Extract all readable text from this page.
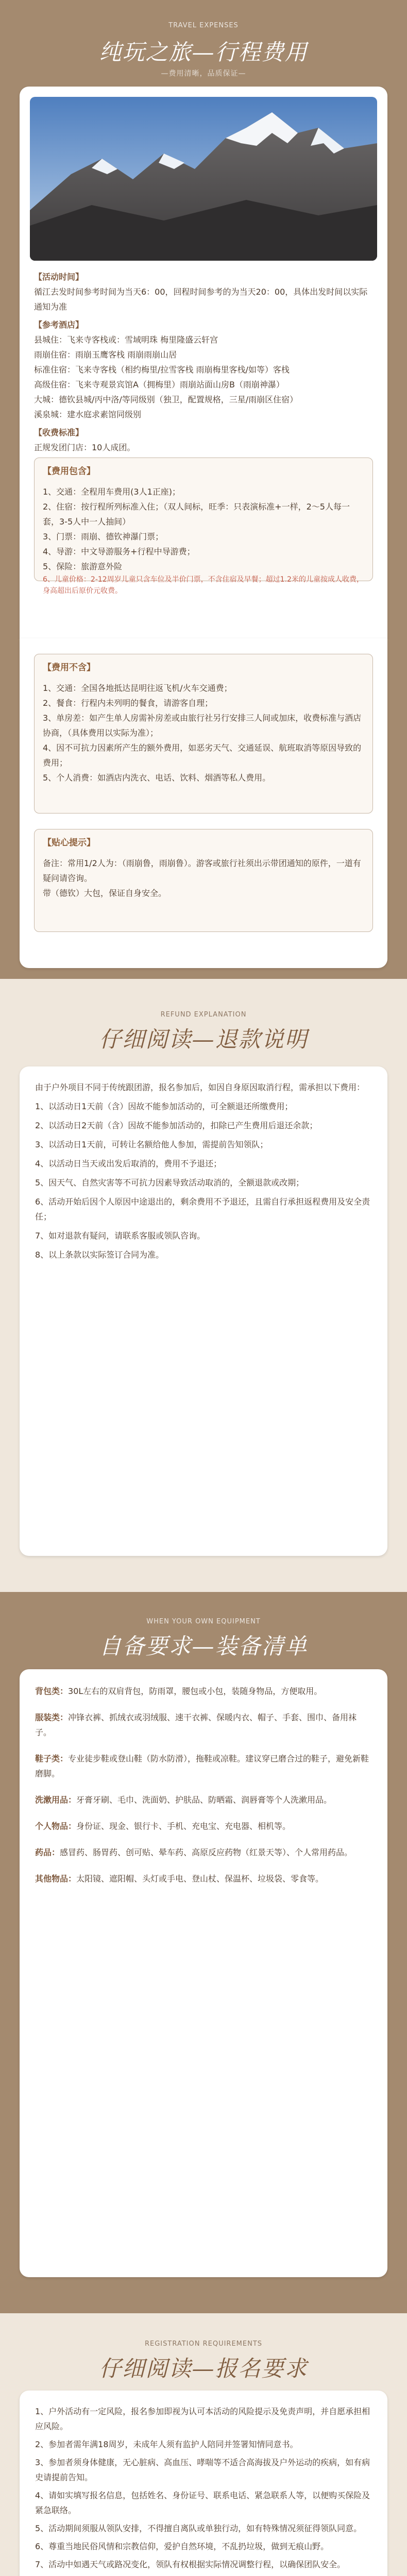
TRAVEL EXPENSES
纯玩之旅—行程费用
—费用清晰，品质保证—
【活动时间】
循江去发时间参考时间为当天6：00，回程时间参考的为当天20：00，具体出发时间以实际通知为准
【参考酒店】
县城住：飞来寺客栈或：雪域明珠 梅里隆盛云轩宫
雨崩住宿：雨崩玉鹰客栈 雨崩雨崩山居
标准住宿：飞来寺客栈（相约梅里/拉雪客栈 雨崩梅里客栈/如等）客栈
高级住宿：飞来寺观景宾馆A（拥梅里）雨崩站面山房B（雨崩神瀑）
大城：德钦县城/丙中洛/等同级别（独卫，配置规格，三星/雨崩区住宿）
溪泉城：建水庭求素馆同级别
【收费标准】
正规发团门店：10人成团。
【费用包含】
1、交通：全程用车费用(3人1正座)；
2、住宿：按行程所列标准入住；（双人间标，旺季：只表演标准+一样，2～5人每一套，3-5人中一人抽间）
3、门票：雨崩、德钦神瀑门票；
4、导游：中文导游服务+行程中导游费；
5、保险：旅游意外险
6、儿童价格：2-12周岁儿童只含车位及半价门票，不含住宿及早餐；超过1.2米的儿童按成人收费，身高超出后原价元收费。
【费用不含】
1、交通：全国各地抵达昆明往返飞机/火车交通费；
2、餐食：行程内未列明的餐食，请游客自理；
3、单房差：如产生单人房需补房差或由旅行社另行安排三人间或加床，收费标准与酒店协商，（具体费用以实际为准）；
4、因不可抗力因素所产生的额外费用，如恶劣天气、交通延误、航班取消等原因导致的费用；
5、个人消费：如酒店内洗衣、电话、饮料、烟酒等私人费用。
【贴心提示】
备注：常用1/2人为：（雨崩鲁，雨崩鲁）。游客或旅行社须出示带团通知的原件，一道有疑问请咨询。
带（德钦）大包，保证自身安全。
REFUND EXPLANATION
仔细阅读—退款说明
由于户外项目不同于传统跟团游，报名参加后，如因自身原因取消行程，需承担以下费用：
1、以活动日1天前（含）因故不能参加活动的，可全额退还所缴费用；
2、以活动日2天前（含）因故不能参加活动的，扣除已产生费用后退还余款；
3、以活动日1天前，可转让名额给他人参加，需提前告知领队；
4、以活动日当天或出发后取消的，费用不予退还；
5、因天气、自然灾害等不可抗力因素导致活动取消的，全额退款或改期；
6、活动开始后因个人原因中途退出的，剩余费用不予退还，且需自行承担返程费用及安全责任；
7、如对退款有疑问，请联系客服或领队咨询。
8、以上条款以实际签订合同为准。
WHEN YOUR OWN EQUIPMENT
自备要求—装备清单
背包类：30L左右的双肩背包，防雨罩，腰包或小包，装随身物品，方便取用。
服装类：冲锋衣裤、抓绒衣或羽绒服、速干衣裤、保暖内衣、帽子、手套、围巾、备用袜子。
鞋子类：专业徒步鞋或登山鞋（防水防滑），拖鞋或凉鞋。建议穿已磨合过的鞋子，避免新鞋磨脚。
洗漱用品：牙膏牙刷、毛巾、洗面奶、护肤品、防晒霜、润唇膏等个人洗漱用品。
个人物品：身份证、现金、银行卡、手机、充电宝、充电器、相机等。
药品：感冒药、肠胃药、创可贴、晕车药、高原反应药物（红景天等）、个人常用药品。
其他物品：太阳镜、遮阳帽、头灯或手电、登山杖、保温杯、垃圾袋、零食等。
REGISTRATION REQUIREMENTS
仔细阅读—报名要求
1、户外活动有一定风险，报名参加即视为认可本活动的风险提示及免责声明，并自愿承担相应风险。
2、参加者需年满18周岁，未成年人须有监护人陪同并签署知情同意书。
3、参加者须身体健康，无心脏病、高血压、哮喘等不适合高海拔及户外运动的疾病，如有病史请提前告知。
4、请如实填写报名信息，包括姓名、身份证号、联系电话、紧急联系人等，以便购买保险及紧急联络。
5、活动期间须服从领队安排，不得擅自离队或单独行动，如有特殊情况须征得领队同意。
6、尊重当地民俗风情和宗教信仰，爱护自然环境，不乱扔垃圾，做到无痕山野。
7、活动中如遇天气或路况变化，领队有权根据实际情况调整行程，以确保团队安全。
